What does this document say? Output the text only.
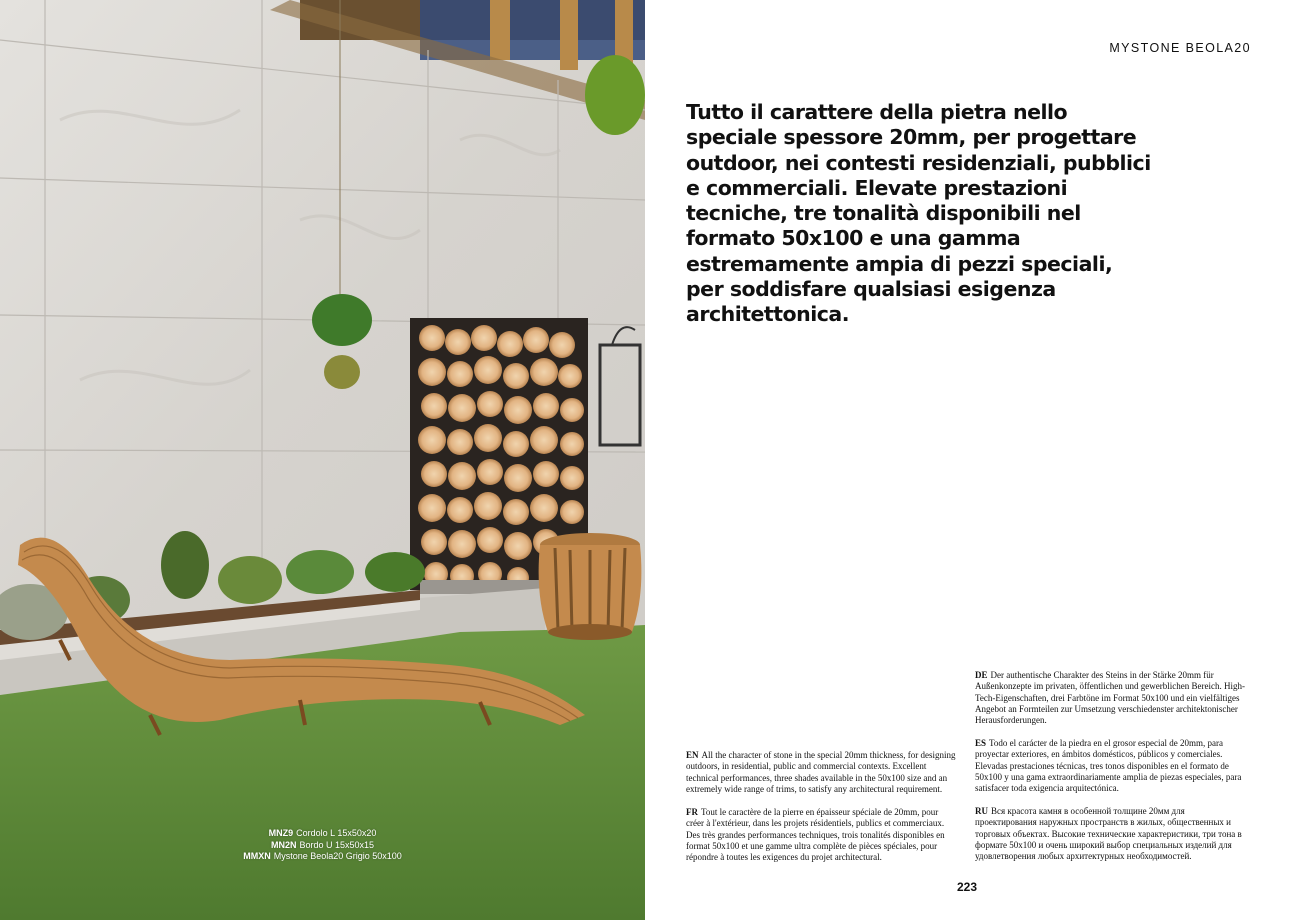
MNZ9 Cordolo L 15x50x20
MN2N Bordo U 15x50x15
MMXN Mystone Beola20 Grigio 50x100
MYSTONE BEOLA20
Tutto il carattere della pietra nello speciale spessore 20mm, per progettare outdoor, nei contesti residenziali, pubblici e commerciali. Elevate prestazioni tecniche, tre tonalità disponibili nel formato 50x100 e una gamma estremamente ampia di pezzi speciali, per soddisfare qualsiasi esigenza architettonica.

DE Der authentische Charakter des Steins in der Stärke 20mm für Außenkonzepte im privaten, öffentlichen und gewerblichen Bereich. High-Tech-Eigenschaften, drei Farbtöne im Format 50x100 und ein vielfältiges Angebot an Formteilen zur Umsetzung verschiedenster architektonischer Herausforderungen.

ES Todo el carácter de la piedra en el grosor especial de 20mm, para proyectar exteriores, en ámbitos domésticos, públicos y comerciales. Elevadas prestaciones técnicas, tres tonos disponibles en el formato de 50x100 y una gama extraordinariamente amplia de piezas especiales, para satisfacer toda exigencia arquitectónica.

RU Вся красота камня в особенной толщине 20мм для проектирования наружных пространств в жилых, общественных и торговых объектах. Высокие технические характеристики, три тона в формате 50x100 и очень широкий выбор специальных изделий для удовлетворения любых архитектурных необходимостей.

EN All the character of stone in the special 20mm thickness, for designing outdoors, in residential, public and commercial contexts. Excellent technical performances, three shades available in the 50x100 size and an extremely wide range of trims, to satisfy any architectural requirement.

FR Tout le caractère de la pierre en épaisseur spéciale de 20mm, pour créer à l'extérieur, dans les projets résidentiels, publics et commerciaux. Des très grandes performances techniques, trois tonalités disponibles en format 50x100 et une gamme ultra complète de pièces spéciales, pour répondre à toutes les exigences du projet architectural.

223
